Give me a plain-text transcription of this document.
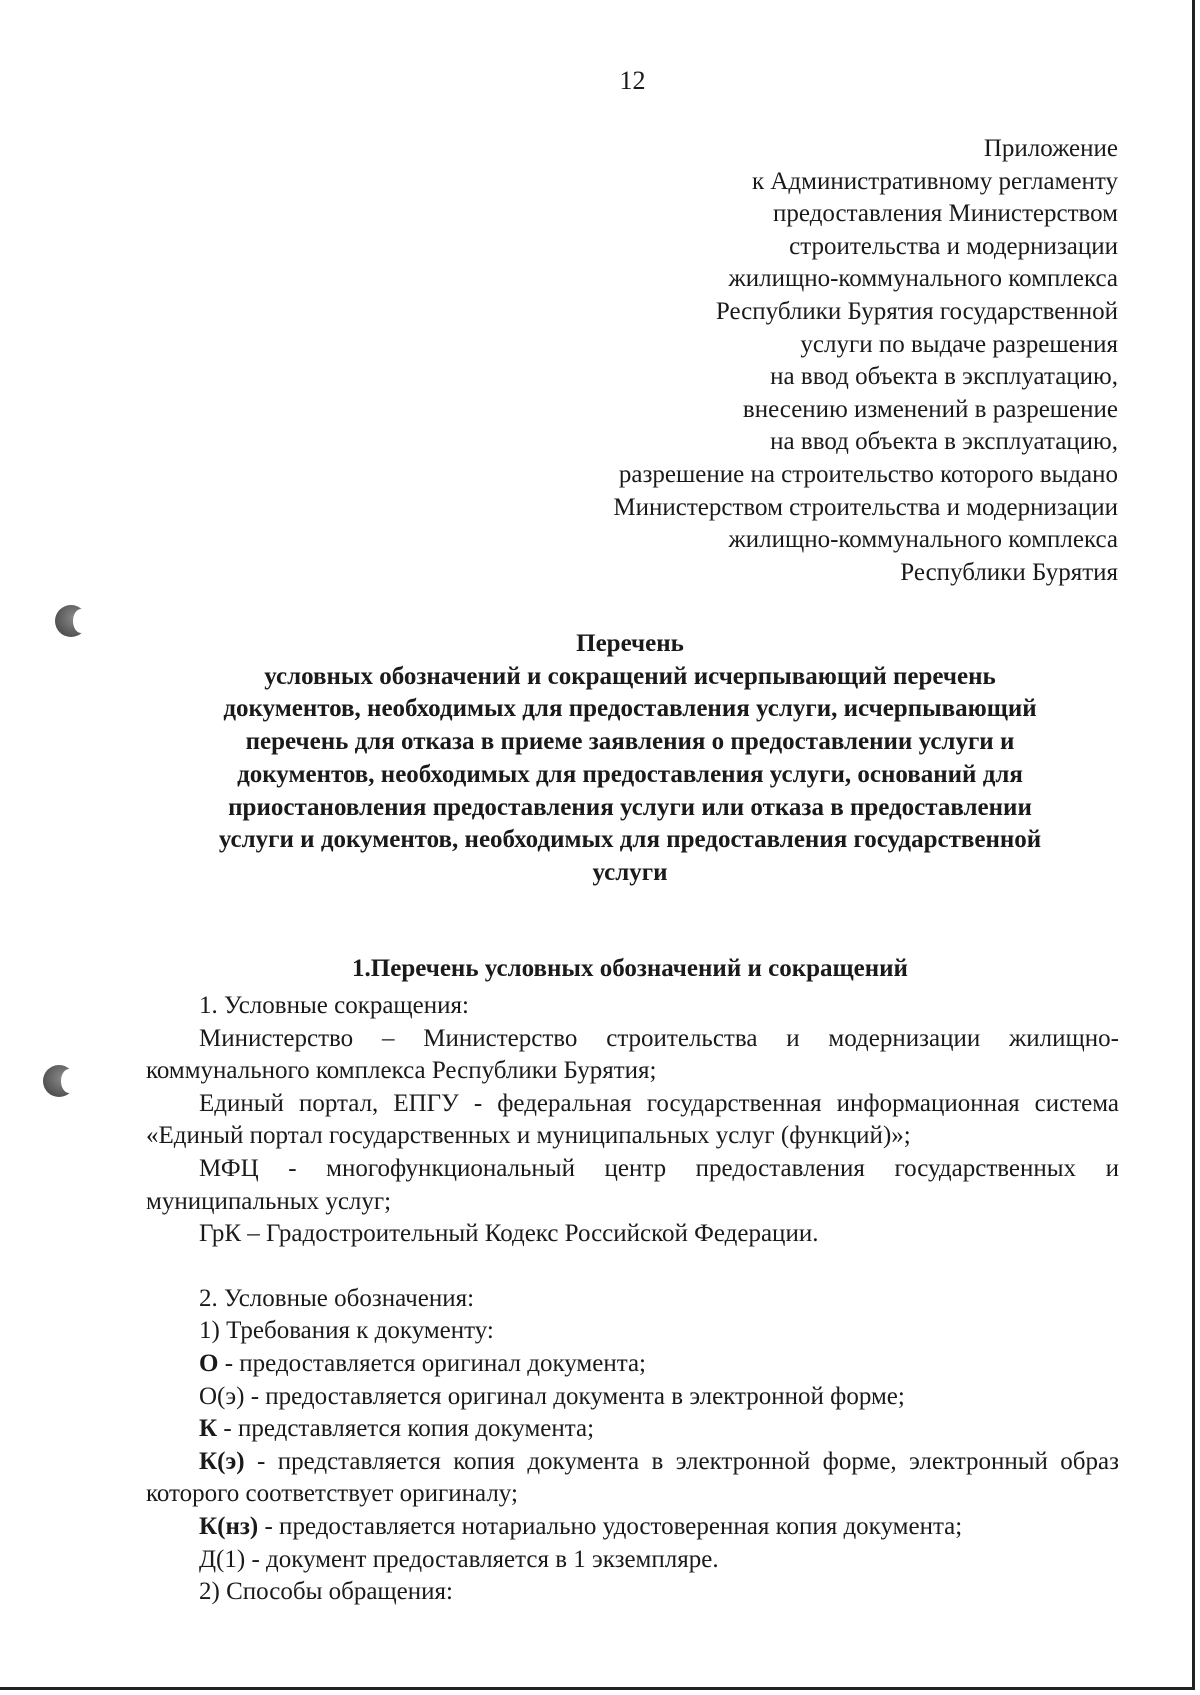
12
Приложение
к Административному регламенту
предоставления Министерством
строительства и модернизации
жилищно-коммунального комплекса
Республики Бурятия государственной
услуги по выдаче разрешения
на ввод объекта в эксплуатацию,
внесению изменений в разрешение
на ввод объекта в эксплуатацию,
разрешение на строительство которого выдано
Министерством строительства и модернизации
жилищно-коммунального комплекса
Республики Бурятия
Перечень
условных обозначений и сокращений исчерпывающий перечень
документов, необходимых для предоставления услуги, исчерпывающий
перечень для отказа в приеме заявления о предоставлении услуги и
документов, необходимых для предоставления услуги, оснований для
приостановления предоставления услуги или отказа в предоставлении
услуги и документов, необходимых для предоставления государственной
услуги
1.Перечень условных обозначений и сокращений

1. Условные сокращения:

Министерство – Министерство строительства и модернизации жилищно-коммунального комплекса Республики Бурятия;

Единый портал, ЕПГУ - федеральная государственная информационная система «Единый портал государственных и муниципальных услуг (функций)»;

МФЦ - многофункциональный центр предоставления государственных и муниципальных услуг;

ГрК – Градостроительный Кодекс Российской Федерации.

2. Условные обозначения:

1) Требования к документу:

О - предоставляется оригинал документа;

О(э) - предоставляется оригинал документа в электронной форме;

К - представляется копия документа;

К(э) - представляется копия документа в электронной форме, электронный образ которого соответствует оригиналу;

К(нз) - предоставляется нотариально удостоверенная копия документа;

Д(1) - документ предоставляется в 1 экземпляре.

2) Способы обращения:
